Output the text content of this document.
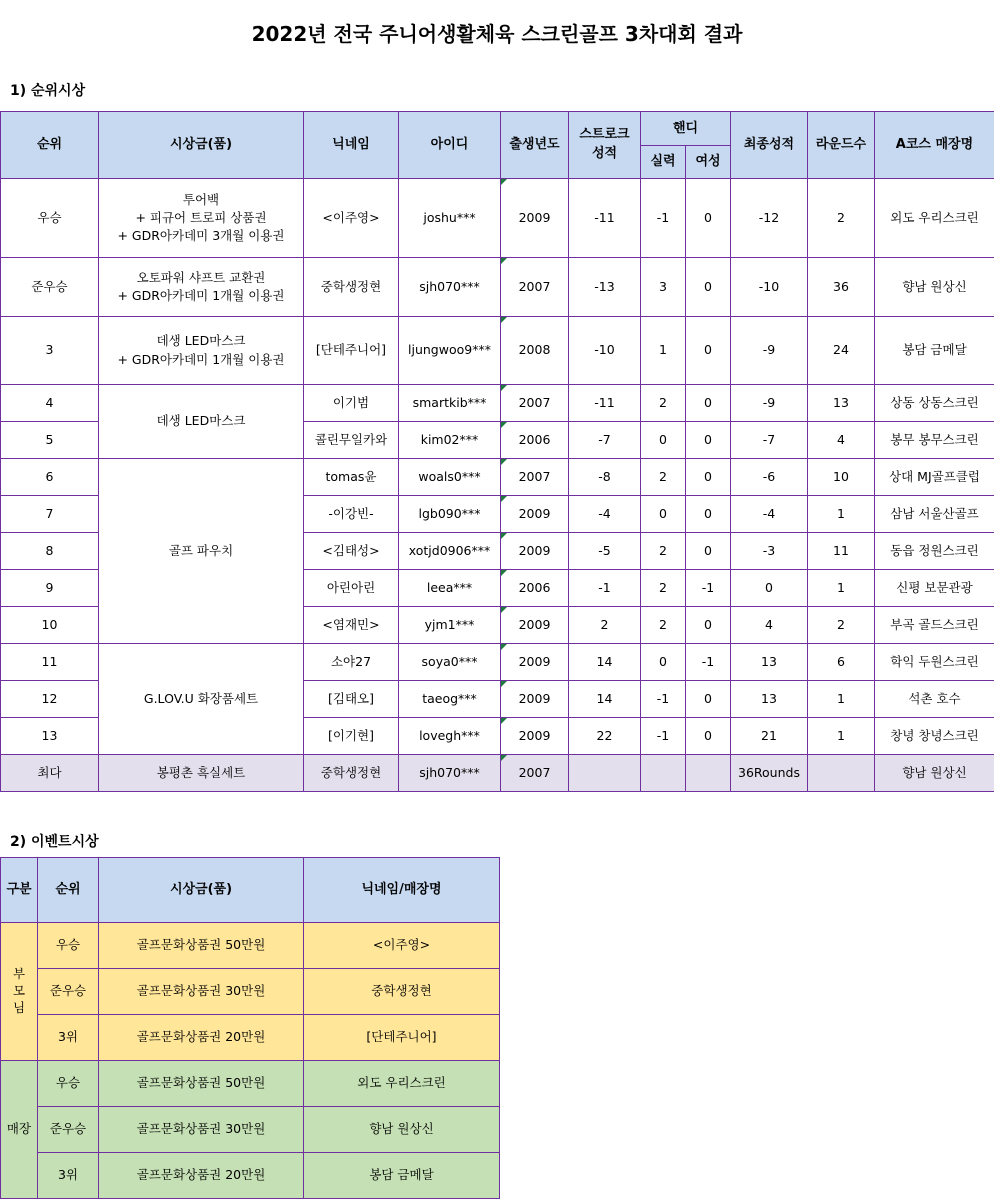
2022년 전국 주니어생활체육 스크린골프 3차대회 결과
1) 순위시상
순위	시상금(품)	닉네임	아이디	출생년도	스트로크
성적	핸디		최종성적	라운드수	A코스 매장명
						실력	여성			
우승	투어백
+ 피규어 트로피 상품권
+ GDR아카데미 3개월 이용권	<이주영>	joshu***	2009	-11	-1	0	-12	2	외도 우리스크린
준우승	오토파워 샤프트 교환권
+ GDR아카데미 1개월 이용권	중학생정현	sjh070***	2007	-13	3	0	-10	36	향남 원상신
3	데생 LED마스크
+ GDR아카데미 1개월 이용권	[단테주니어]	ljungwoo9***	2008	-10	1	0	-9	24	봉담 금메달
4	데생 LED마스크	이기범	smartkib***	2007	-11	2	0	-9	13	상동 상동스크린
5		콜린무일카와	kim02***	2006	-7	0	0	-7	4	봉무 봉무스크린
6	골프 파우치	tomas윤	woals0***	2007	-8	2	0	-6	10	상대 MJ골프클럽
7		-이강빈-	lgb090***	2009	-4	0	0	-4	1	삼남 서울산골프
8		<김태성>	xotjd0906***	2009	-5	2	0	-3	11	동읍 정원스크린
9		아린아린	leea***	2006	-1	2	-1	0	1	신평 보문관광
10		<염재민>	yjm1***	2009	2	2	0	4	2	부곡 골드스크린
11	G.LOV.U 화장품세트	소야27	soya0***	2009	14	0	-1	13	6	학익 두원스크린
12		[김태오]	taeog***	2009	14	-1	0	13	1	석촌 호수
13		[이기현]	lovegh***	2009	22	-1	0	21	1	창녕 창녕스크린
최다	봉평촌 흑실세트	중학생정현	sjh070***	2007				36Rounds		향남 원상신
2) 이벤트시상
구분	순위	시상금(품)	닉네임/매장명
부
모
님	우승	골프문화상품권 50만원	<이주영>
	준우승	골프문화상품권 30만원	중학생정현
	3위	골프문화상품권 20만원	[단테주니어]
매장	우승	골프문화상품권 50만원	외도 우리스크린
	준우승	골프문화상품권 30만원	향남 원상신
	3위	골프문화상품권 20만원	봉담 금메달
